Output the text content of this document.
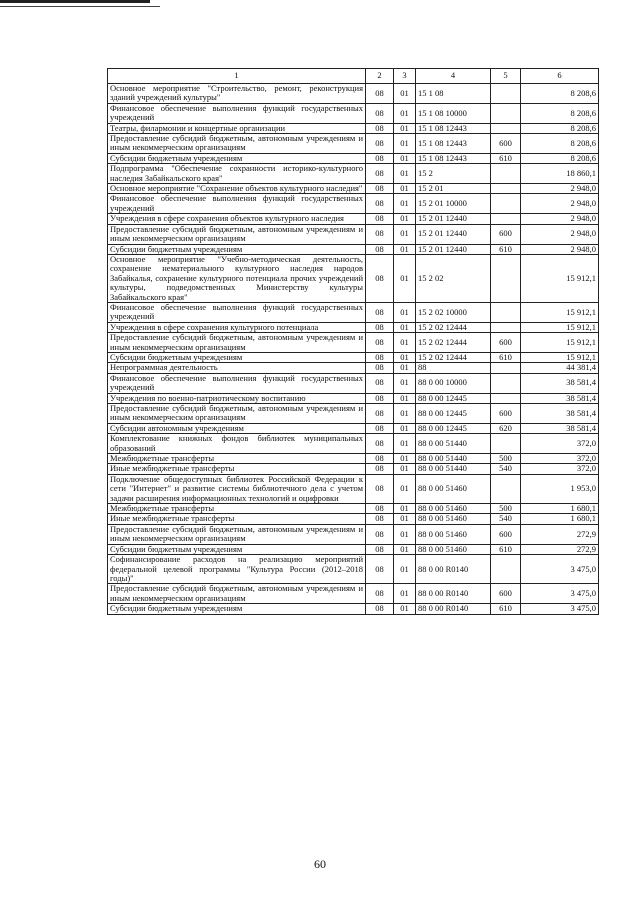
1	2	3	4	5	6
Основное мероприятие "Строительство, ремонт, реконструкция зданий учреждений культуры"	08	01	15 1 08		8 208,6
Финансовое обеспечение выполнения функций государственных учреждений	08	01	15 1 08 10000		8 208,6
Театры, филармонии и концертные организации	08	01	15 1 08 12443		8 208,6
Предоставление субсидий бюджетным, автономным учреждениям и иным некоммерческим организациям	08	01	15 1 08 12443	600	8 208,6
Субсидии бюджетным учреждениям	08	01	15 1 08 12443	610	8 208,6
Подпрограмма "Обеспечение сохранности историко-культурного наследия Забайкальского края"	08	01	15 2		18 860,1
Основное мероприятие "Сохранение объектов культурного наследия"	08	01	15 2 01		2 948,0
Финансовое обеспечение выполнения функций государственных учреждений	08	01	15 2 01 10000		2 948,0
Учреждения в сфере сохранения объектов культурного наследия	08	01	15 2 01 12440		2 948,0
Предоставление субсидий бюджетным, автономным учреждениям и иным некоммерческим организациям	08	01	15 2 01 12440	600	2 948,0
Субсидии бюджетным учреждениям	08	01	15 2 01 12440	610	2 948,0
Основное мероприятие "Учебно-методическая деятельность, сохранение нематериального культурного наследия народов Забайкалья, сохранение культурного потенциала прочих учреждений культуры, подведомственных Министерству культуры Забайкальского края"	08	01	15 2 02		15 912,1
Финансовое обеспечение выполнения функций государственных учреждений	08	01	15 2 02 10000		15 912,1
Учреждения в сфере сохранения культурного потенциала	08	01	15 2 02 12444		15 912,1
Предоставление субсидий бюджетным, автономным учреждениям и иным некоммерческим организациям	08	01	15 2 02 12444	600	15 912,1
Субсидии бюджетным учреждениям	08	01	15 2 02 12444	610	15 912,1
Непрограммная деятельность	08	01	88		44 381,4
Финансовое обеспечение выполнения функций государственных учреждений	08	01	88 0 00 10000		38 581,4
Учреждения по военно-патриотическому воспитанию	08	01	88 0 00 12445		38 581,4
Предоставление субсидий бюджетным, автономным учреждениям и иным некоммерческим организациям	08	01	88 0 00 12445	600	38 581,4
Субсидии автономным учреждениям	08	01	88 0 00 12445	620	38 581,4
Комплектование книжных фондов библиотек муниципальных образований	08	01	88 0 00 51440		372,0
Межбюджетные трансферты	08	01	88 0 00 51440	500	372,0
Иные межбюджетные трансферты	08	01	88 0 00 51440	540	372,0
Подключение общедоступных библиотек Российской Федерации к сети "Интернет" и развитие системы библиотечного дела с учетом задачи расширения информационных технологий и оцифровки	08	01	88 0 00 51460		1 953,0
Межбюджетные трансферты	08	01	88 0 00 51460	500	1 680,1
Иные межбюджетные трансферты	08	01	88 0 00 51460	540	1 680,1
Предоставление субсидий бюджетным, автономным учреждениям и иным некоммерческим организациям	08	01	88 0 00 51460	600	272,9
Субсидии бюджетным учреждениям	08	01	88 0 00 51460	610	272,9
Софинансирование расходов на реализацию мероприятий федеральной целевой программы "Культура России (2012–2018 годы)"	08	01	88 0 00 R0140		3 475,0
Предоставление субсидий бюджетным, автономным учреждениям и иным некоммерческим организациям	08	01	88 0 00 R0140	600	3 475,0
Субсидии бюджетным учреждениям	08	01	88 0 00 R0140	610	3 475,0
60
